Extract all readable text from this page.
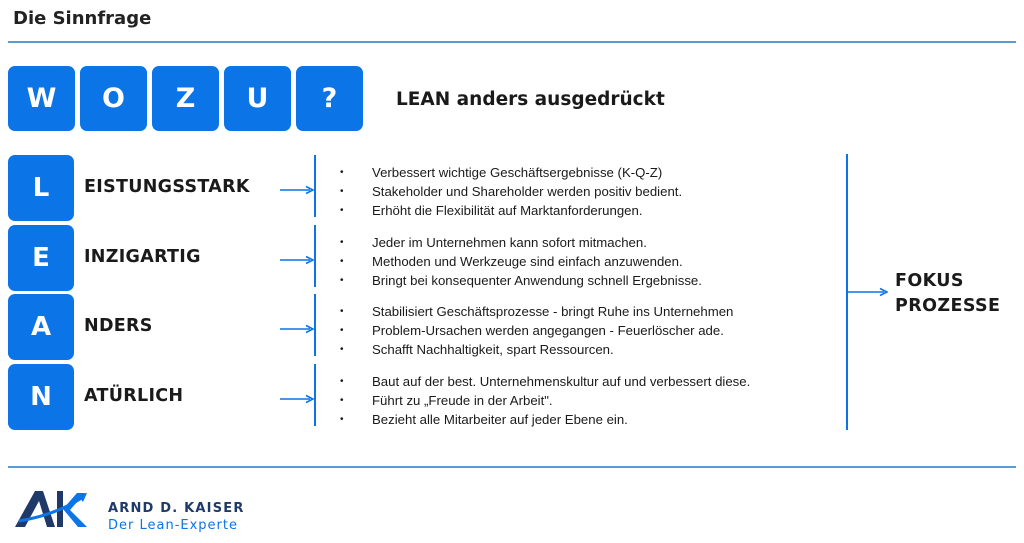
Die Sinnfrage
W	O	Z	U	?	LEAN anders ausgedrückt
L	EISTUNGSSTARK
• Verbessert wichtige Geschäftsergebnisse (K-Q-Z)
• Stakeholder und Shareholder werden positiv bedient.
• Erhöht die Flexibilität auf Marktanforderungen.
E	INZIGARTIG
• Jeder im Unternehmen kann sofort mitmachen.
• Methoden und Werkzeuge sind einfach anzuwenden.
• Bringt bei konsequenter Anwendung schnell Ergebnisse.
A	NDERS
• Stabilisiert Geschäftsprozesse - bringt Ruhe ins Unternehmen
• Problem-Ursachen werden angegangen - Feuerlöscher ade.
• Schafft Nachhaltigkeit, spart Ressourcen.
N	ATÜRLICH
• Baut auf der best. Unternehmenskultur auf und verbessert diese.
• Führt zu „Freude in der Arbeit".
• Bezieht alle Mitarbeiter auf jeder Ebene ein.
FOKUS
PROZESSE
ARND D. KAISER
Der Lean-Experte
